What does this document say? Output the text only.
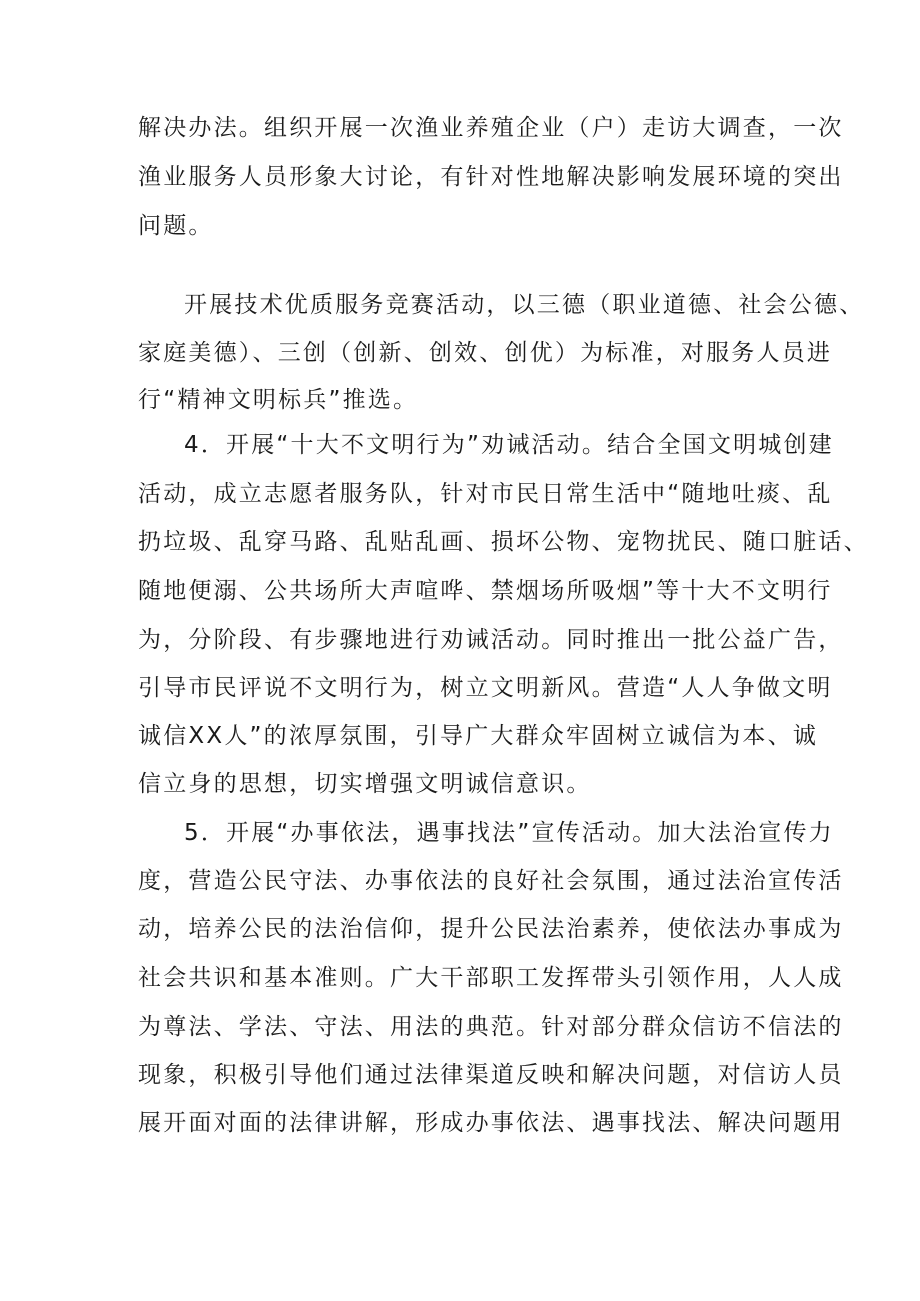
解决办法。组织开展一次渔业养殖企业（户）走访大调查，一次
渔业服务人员形象大讨论，有针对性地解决影响发展环境的突出
问题。
开展技术优质服务竞赛活动，以三德（职业道德、社会公德、
家庭美德）、三创（创新、创效、创优）为标准，对服务人员进
行“精神文明标兵”推选。
4．开展“十大不文明行为”劝诫活动。结合全国文明城创建
活动，成立志愿者服务队，针对市民日常生活中“随地吐痰、乱
扔垃圾、乱穿马路、乱贴乱画、损坏公物、宠物扰民、随口脏话、
随地便溺、公共场所大声喧哗、禁烟场所吸烟”等十大不文明行
为，分阶段、有步骤地进行劝诫活动。同时推出一批公益广告，
引导市民评说不文明行为，树立文明新风。营造“人人争做文明
诚信XX人”的浓厚氛围，引导广大群众牢固树立诚信为本、诚
信立身的思想，切实增强文明诚信意识。
5．开展“办事依法，遇事找法”宣传活动。加大法治宣传力
度，营造公民守法、办事依法的良好社会氛围，通过法治宣传活
动，培养公民的法治信仰，提升公民法治素养，使依法办事成为
社会共识和基本准则。广大干部职工发挥带头引领作用，人人成
为尊法、学法、守法、用法的典范。针对部分群众信访不信法的
现象，积极引导他们通过法律渠道反映和解决问题，对信访人员
展开面对面的法律讲解，形成办事依法、遇事找法、解决问题用
